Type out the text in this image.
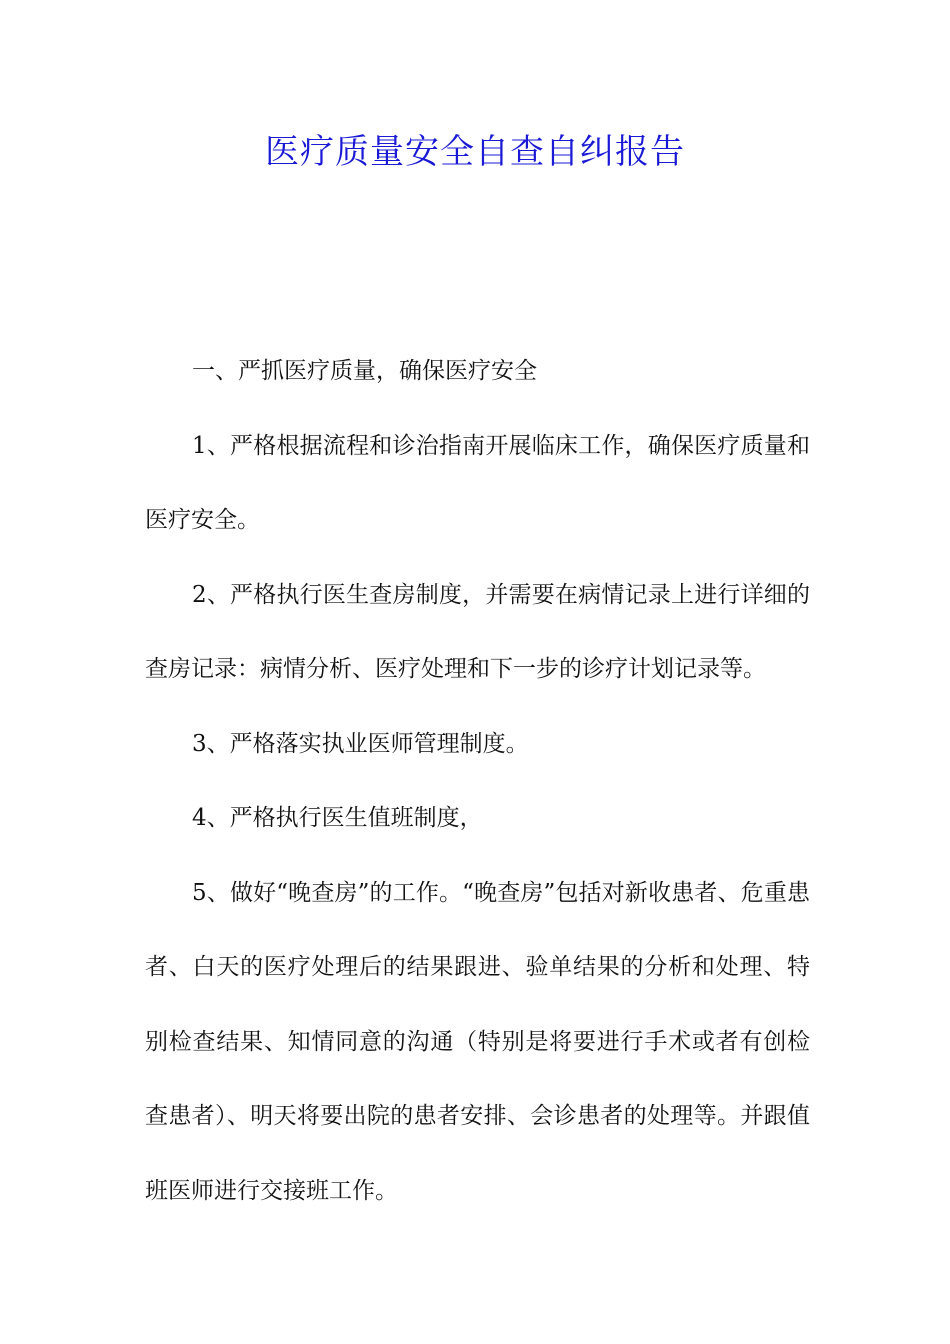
医疗质量安全自查自纠报告

一、严抓医疗质量，确保医疗安全

1、严格根据流程和诊治指南开展临床工作，确保医疗质量和医疗安全。

2、严格执行医生查房制度，并需要在病情记录上进行详细的查房记录：病情分析、医疗处理和下一步的诊疗计划记录等。

3、严格落实执业医师管理制度。

4、严格执行医生值班制度，

5、做好“晚查房”的工作。“晚查房”包括对新收患者、危重患者、白天的医疗处理后的结果跟进、验单结果的分析和处理、特别检查结果、知情同意的沟通（特别是将要进行手术或者有创检查患者）、明天将要出院的患者安排、会诊患者的处理等。并跟值班医师进行交接班工作。
